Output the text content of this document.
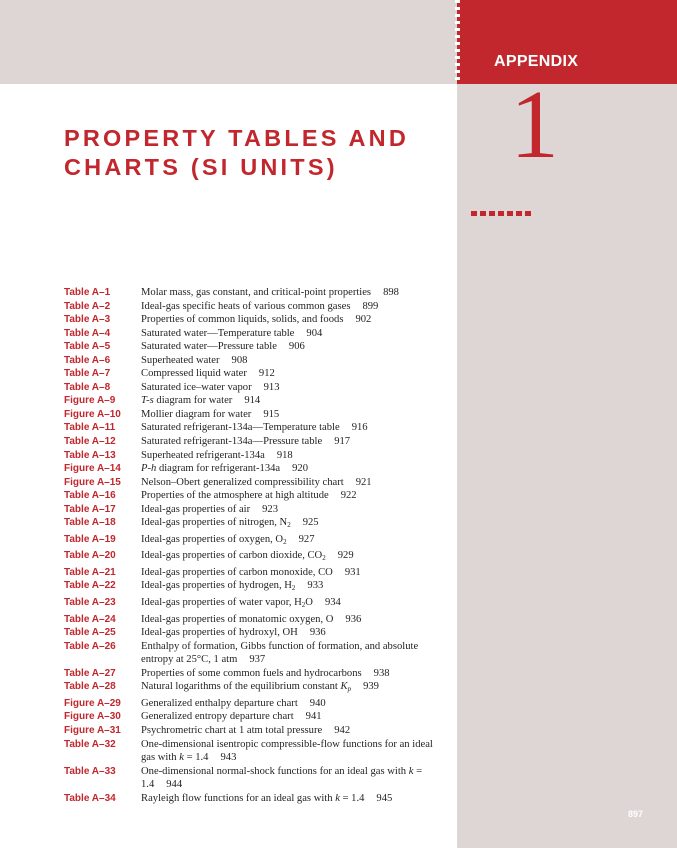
APPENDIX
1
PROPERTY TABLES AND
CHARTS (SI UNITS)
Table A–1	Molar mass, gas constant, and critical-point properties 898
Table A–2	Ideal-gas specific heats of various common gases 899
Table A–3	Properties of common liquids, solids, and foods 902
Table A–4	Saturated water—Temperature table 904
Table A–5	Saturated water—Pressure table 906
Table A–6	Superheated water 908
Table A–7	Compressed liquid water 912
Table A–8	Saturated ice–water vapor 913
Figure A–9	T-s diagram for water 914
Figure A–10	Mollier diagram for water 915
Table A–11	Saturated refrigerant-134a—Temperature table 916
Table A–12	Saturated refrigerant-134a—Pressure table 917
Table A–13	Superheated refrigerant-134a 918
Figure A–14	P-h diagram for refrigerant-134a 920
Figure A–15	Nelson–Obert generalized compressibility chart 921
Table A–16	Properties of the atmosphere at high altitude 922
Table A–17	Ideal-gas properties of air 923
Table A–18	Ideal-gas properties of nitrogen, $N_2$ 925
Table A–19	Ideal-gas properties of oxygen, $O_2$ 927
Table A–20	Ideal-gas properties of carbon dioxide, $CO_2$ 929
Table A–21	Ideal-gas properties of carbon monoxide, CO 931
Table A–22	Ideal-gas properties of hydrogen, $H_2$ 933
Table A–23	Ideal-gas properties of water vapor, $H_2O$ 934
Table A–24	Ideal-gas properties of monatomic oxygen, O 936
Table A–25	Ideal-gas properties of hydroxyl, OH 936
Table A–26	Enthalpy of formation, Gibbs function of formation, and absolute entropy at 25°C, 1 atm 937
Table A–27	Properties of some common fuels and hydrocarbons 938
Table A–28	Natural logarithms of the equilibrium constant $K_p$ 939
Figure A–29	Generalized enthalpy departure chart 940
Figure A–30	Generalized entropy departure chart 941
Figure A–31	Psychrometric chart at 1 atm total pressure 942
Table A–32	One-dimensional isentropic compressible-flow functions for an ideal gas with k = 1.4 943
Table A–33	One-dimensional normal-shock functions for an ideal gas with k = 1.4 944
Table A–34	Rayleigh flow functions for an ideal gas with k = 1.4 945
897
